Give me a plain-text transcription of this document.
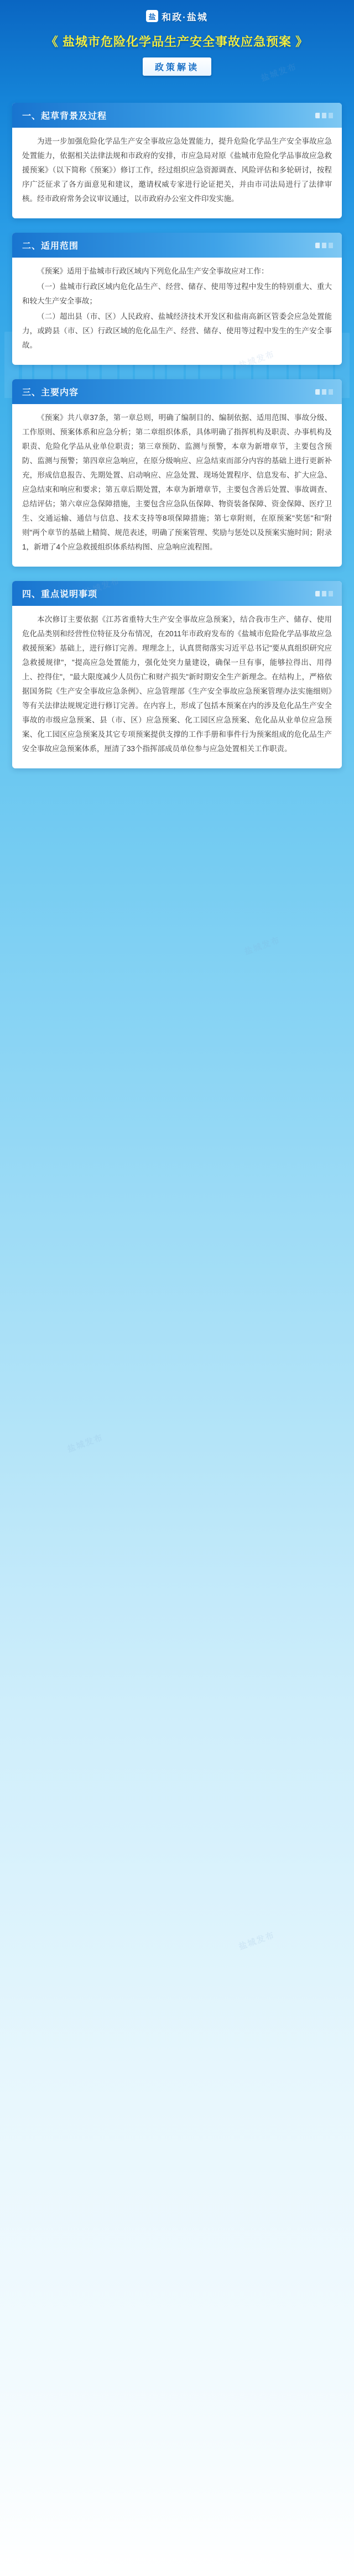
盐 和政·盐城
《 盐城市危险化学品生产安全事故应急预案 》
政策解读
一、起草背景及过程

为进一步加强危险化学品生产安全事故应急处置能力，提升危险化学品生产安全事故应急处置能力，依据相关法律法规和市政府的安排，市应急局对原《盐城市危险化学品事故应急救援预案》（以下简称《预案》）修订工作，经过组织应急资源调查、风险评估和多轮研讨，按程序广泛征求了各方面意见和建议，邀请权威专家进行论证把关，并由市司法局进行了法律审核。经市政府常务会议审议通过，以市政府办公室文件印发实施。

二、适用范围

《预案》适用于盐城市行政区域内下列危化品生产安全事故应对工作：

（一）盐城市行政区域内危化品生产、经营、储存、使用等过程中发生的特别重大、重大和较大生产安全事故；

（二）超出县（市、区）人民政府、盐城经济技术开发区和盐南高新区管委会应急处置能力，或跨县（市、区）行政区域的危化品生产、经营、储存、使用等过程中发生的生产安全事故。

三、主要内容

《预案》共八章37条，第一章总则，明确了编制目的、编制依据、适用范围、事故分级、工作原则、预案体系和应急分析；第二章组织体系，具体明确了指挥机构及职责、办事机构及职责、危险化学品从业单位职责；第三章预防、监测与预警，本章为新增章节，主要包含预防、监测与预警；第四章应急响应，在原分级响应、应急结束而部分内容的基础上进行更新补充，形成信息报告、先期处置、启动响应、应急处置、现场处置程序、信息发布、扩大应急、应急结束和响应和要求；第五章后期处置，本章为新增章节，主要包含善后处置、事故调查、总结评估；第六章应急保障措施，主要包含应急队伍保障、物资装备保障、资金保障、医疗卫生、交通运输、通信与信息、技术支持等8项保障措施；第七章附则，在原预案"奖惩"和"附则"两个章节的基础上精简、规范表述，明确了预案管理、奖励与惩处以及预案实施时间；附录1，新增了4个应急救援组织体系结构图、应急响应流程图。

四、重点说明事项

本次修订主要依据《江苏省重特大生产安全事故应急预案》，结合我市生产、储存、使用危化品类别和经营性位特征及分布情况，在2011年市政府发布的《盐城市危险化学品事故应急救援预案》基础上，进行修订完善。理理念上，认真贯彻落实习近平总书记"要从真组织研究应急救援规律"，"提高应急处置能力，强化处突力量建设，确保一旦有事，能够拉得出、用得上、控得住"，"最大限度减少人员伤亡和财产损失"新时期安全生产新理念。在结构上，严格依据国务院《生产安全事故应急条例》、应急管理部《生产安全事故应急预案管理办法实施细则》等有关法律法规规定进行修订完善。在内容上，形成了包括本预案在内的涉及危化品生产安全事故的市级应急预案、县（市、区）应急预案、化工园区应急预案、危化品从业单位应急预案、化工园区应急预案及其它专项预案提供支撑的工作手册和事件行为预案组成的危化品生产安全事故应急预案体系，厘清了33个指挥部成员单位参与应急处置相关工作职责。

盐城发布
盐城发布
盐城发布
盐城发布
